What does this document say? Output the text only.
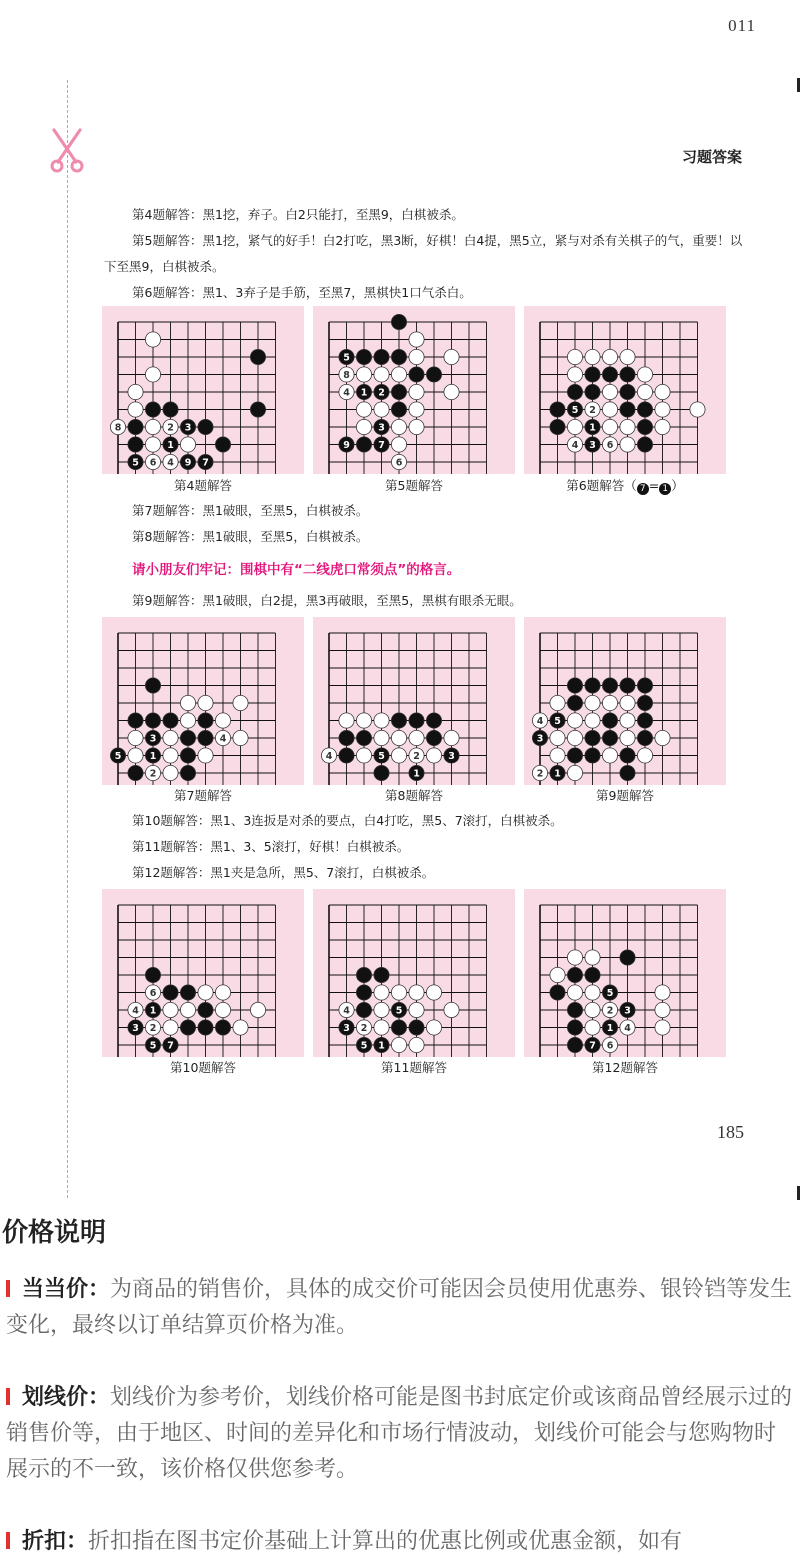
011
习题答案
第4题解答：黑1挖，弃子。白2只能打，至黑9，白棋被杀。
第5题解答：黑1挖，紧气的好手！白2打吃，黑3断，好棋！白4提，黑5立，紧与对杀有关棋子的气，重要！以下至黑9，白棋被杀。
第6题解答：黑1、3弃子是手筋，至黑7，黑棋快1口气杀白。
8	2 3
1
5 6 4 9 7
5
8
4 1 2
3
9	7
6
5 2
1
4 3 6
第4题解答	第5题解答	第6题解答（ 7 = 1 ）
第7题解答：黑1破眼，至黑5，白棋被杀。
第8题解答：黑1破眼，至黑5，白棋被杀。
请小朋友们牢记：围棋中有“二线虎口常须点”的格言。
第9题解答：黑1破眼，白2提，黑3再破眼，至黑5，黑棋有眼杀无眼。
3	4
5	1
2
4	5	2	3
1
4 5
3
2 1
第7题解答	第8题解答	第9题解答
第10题解答：黑1、3连扳是对杀的要点，白4打吃，黑5、7滚打，白棋被杀。
第11题解答：黑1、3、5滚打，好棋！白棋被杀。
第12题解答：黑1夹是急所，黑5、7滚打，白棋被杀。
6
4 1
3 2
5 7
4	5
3 2
5 1
5
2 3
1 4
7 6
第10题解答	第11题解答	第12题解答
185
价格说明
当当价：为商品的销售价，具体的成交价可能因会员使用优惠券、银铃铛等发生变化，最终以订单结算页价格为准。
划线价：划线价为参考价，划线价格可能是图书封底定价或该商品曾经展示过的销售价等，由于地区、时间的差异化和市场行情波动，划线价可能会与您购物时展示的不一致，该价格仅供您参考。
折扣：折扣指在图书定价基础上计算出的优惠比例或优惠金额，如有
